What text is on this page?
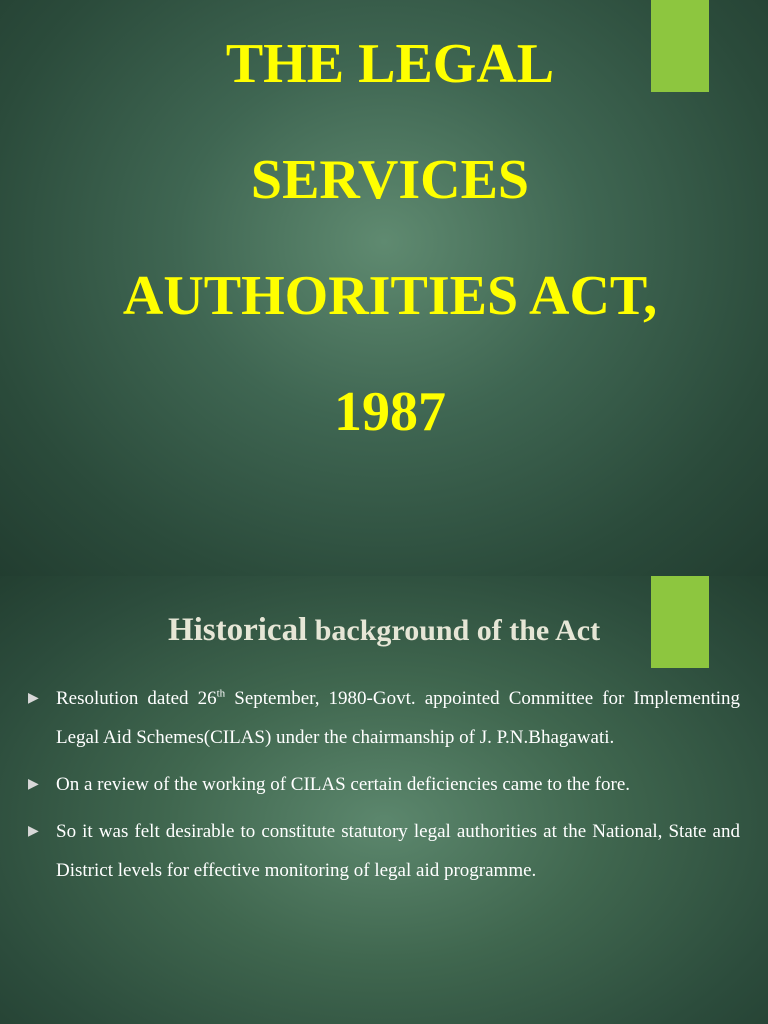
THE LEGAL
SERVICES
AUTHORITIES ACT,
1987
Historical background of the Act
▶ Resolution dated 26th September, 1980-Govt. appointed Committee for Implementing Legal Aid Schemes(CILAS) under the chairmanship of J. P.N.Bhagawati.
▶ On a review of the working of CILAS certain deficiencies came to the fore.
▶ So it was felt desirable to constitute statutory legal authorities at the National, State and District levels for effective monitoring of legal aid programme.
